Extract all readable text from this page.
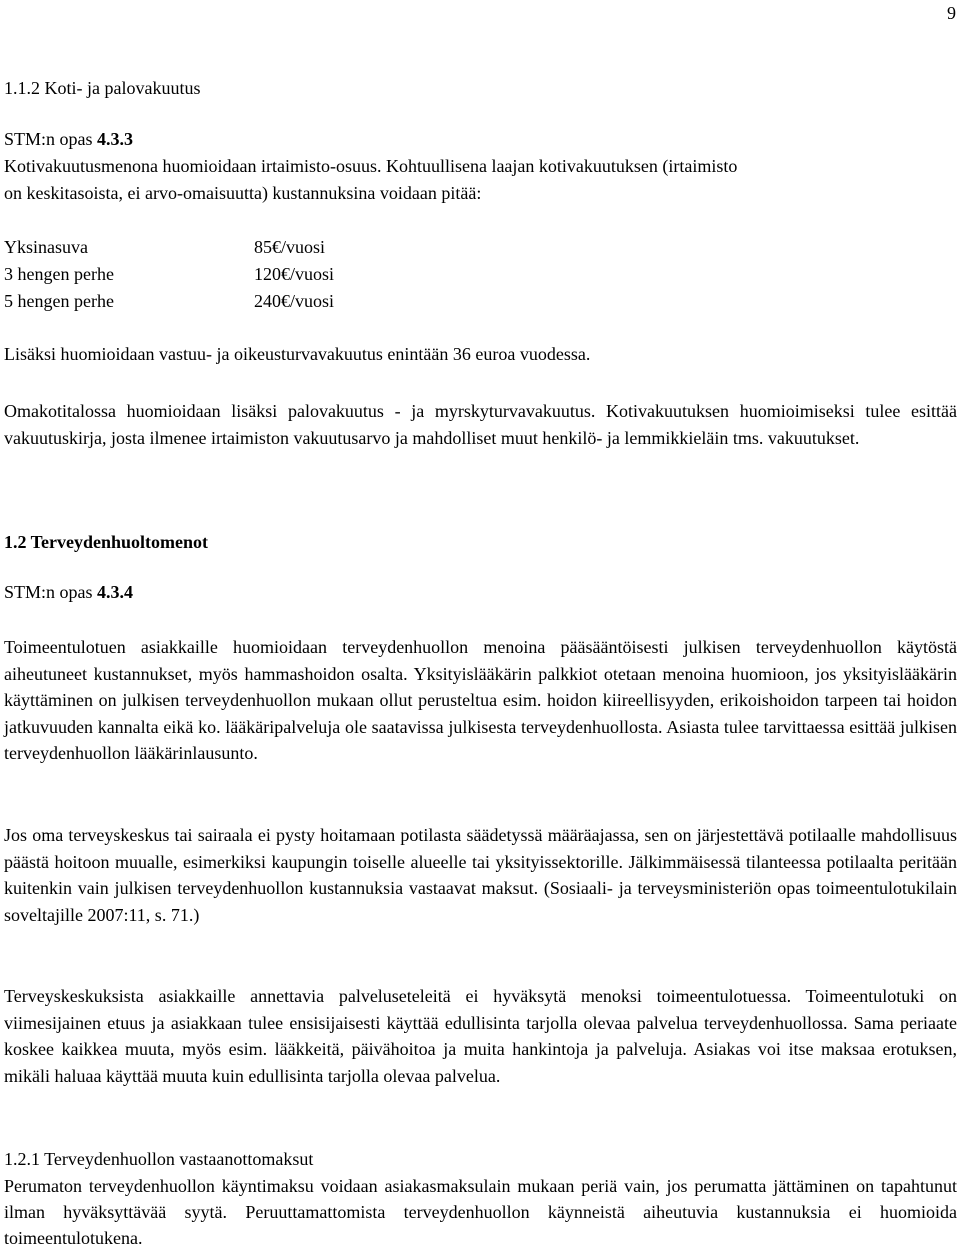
9
1.1.2 Koti- ja palovakuutus
STM:n opas 4.3.3
Kotivakuutusmenona huomioidaan irtaimisto-osuus. Kohtuullisena laajan kotivakuutuksen (irtaimisto
on keskitasoista, ei arvo-omaisuutta) kustannuksina voidaan pitää:
Yksinasuva	85€/vuosi
3 hengen perhe	120€/vuosi
5 hengen perhe	240€/vuosi
Lisäksi huomioidaan vastuu- ja oikeusturvavakuutus enintään 36 euroa vuodessa.
Omakotitalossa huomioidaan lisäksi palovakuutus - ja myrskyturvavakuutus. Kotivakuutuksen huomioimiseksi tulee esittää vakuutuskirja, josta ilmenee irtaimiston vakuutusarvo ja mahdolliset muut henkilö- ja lemmikkieläin tms. vakuutukset.
1.2 Terveydenhuoltomenot
STM:n opas 4.3.4
Toimeentulotuen asiakkaille huomioidaan terveydenhuollon menoina pääsääntöisesti julkisen terveydenhuollon käytöstä aiheutuneet kustannukset, myös hammashoidon osalta. Yksityislääkärin palkkiot otetaan menoina huomioon, jos yksityislääkärin käyttäminen on julkisen terveydenhuollon mukaan ollut perusteltua esim. hoidon kiireellisyyden, erikoishoidon tarpeen tai hoidon jatkuvuuden kannalta eikä ko. lääkäripalveluja ole saatavissa julkisesta terveydenhuollosta. Asiasta tulee tarvittaessa esittää julkisen terveydenhuollon lääkärinlausunto.
Jos oma terveyskeskus tai sairaala ei pysty hoitamaan potilasta säädetyssä määräajassa, sen on järjestettävä potilaalle mahdollisuus päästä hoitoon muualle, esimerkiksi kaupungin toiselle alueelle tai yksityissektorille. Jälkimmäisessä tilanteessa potilaalta peritään kuitenkin vain julkisen terveydenhuollon kustannuksia vastaavat maksut. (Sosiaali- ja terveysministeriön opas toimeentulotukilain soveltajille 2007:11, s. 71.)
Terveyskeskuksista asiakkaille annettavia palveluseteleitä ei hyväksytä menoksi toimeentulotuessa. Toimeentulotuki on viimesijainen etuus ja asiakkaan tulee ensisijaisesti käyttää edullisinta tarjolla olevaa palvelua terveydenhuollossa. Sama periaate koskee kaikkea muuta, myös esim. lääkkeitä, päivähoitoa ja muita hankintoja ja palveluja. Asiakas voi itse maksaa erotuksen, mikäli haluaa käyttää muuta kuin edullisinta tarjolla olevaa palvelua.
1.2.1 Terveydenhuollon vastaanottomaksut
Perumaton terveydenhuollon käyntimaksu voidaan asiakasmaksulain mukaan periä vain, jos perumatta jättäminen on tapahtunut ilman hyväksyttävää syytä. Peruuttamattomista terveydenhuollon käynneistä aiheutuvia kustannuksia ei huomioida toimeentulotukena.
